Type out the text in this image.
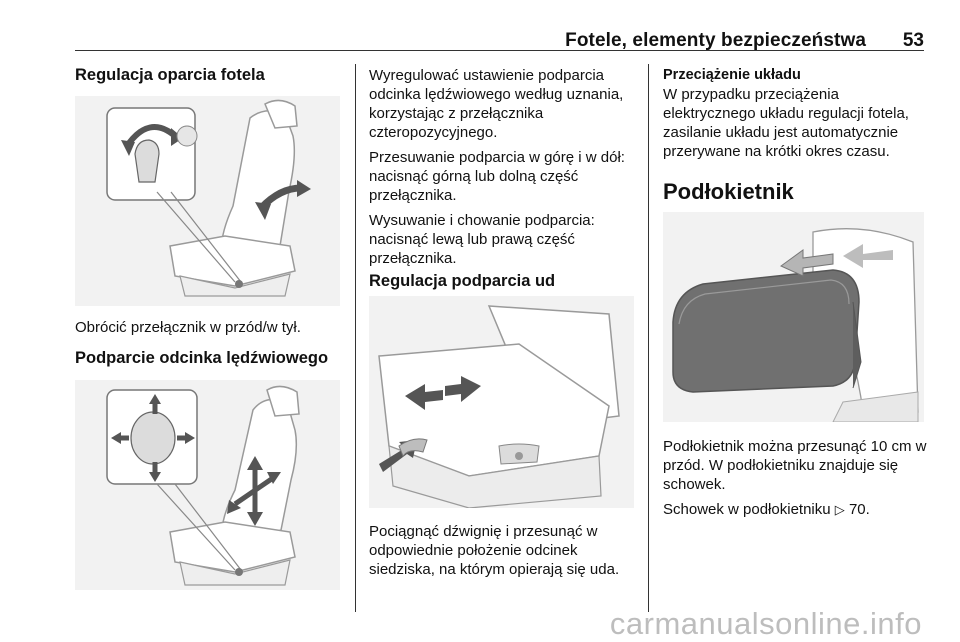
Fotele, elementy bezpieczeństwa 53
Regulacja oparcia fotela

Obrócić przełącznik w przód/w tył.

Podparcie odcinka lędźwiowego

Wyregulować ustawienie podparcia odcinka lędźwiowego według uznania, korzystając z przełącznika czteropozycyjnego.

Przesuwanie podparcia w górę i w dół: nacisnąć górną lub dolną część przełącznika.

Wysuwanie i chowanie podparcia: nacisnąć lewą lub prawą część przełącznika.

Regulacja podparcia ud

Pociągnąć dźwignię i przesunąć w odpowiednie położenie odcinek siedziska, na którym opierają się uda.

Przeciążenie układu

W przypadku przeciążenia elektrycznego układu regulacji fotela, zasilanie układu jest automatycznie przerywane na krótki okres czasu.

Podłokietnik

Podłokietnik można przesunąć 10 cm w przód. W podłokietniku znajduje się schowek.

Schowek w podłokietniku ▷ 70.

carmanualsonline.info
